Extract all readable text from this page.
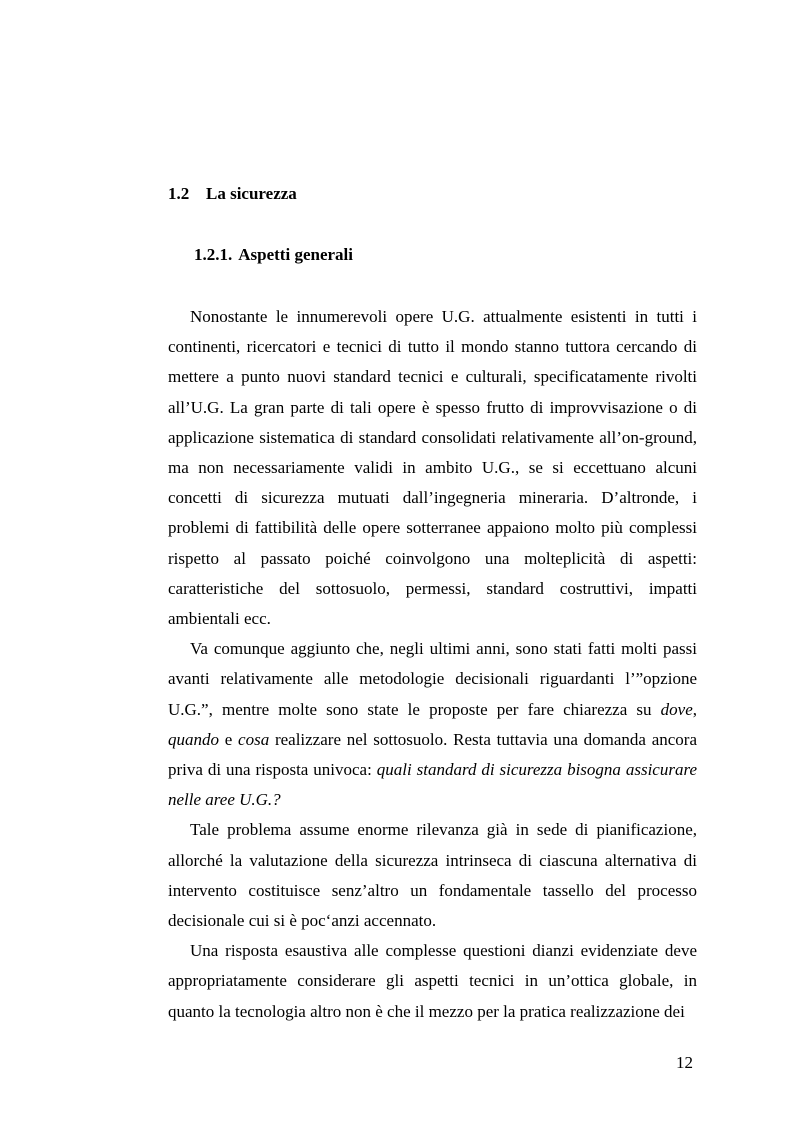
1.2 La sicurezza
1.2.1. Aspetti generali

Nonostante le innumerevoli opere U.G. attualmente esistenti in tutti i continenti, ricercatori e tecnici di tutto il mondo stanno tuttora cercando di mettere a punto nuovi standard tecnici e culturali, specificatamente rivolti all’U.G. La gran parte di tali opere è spesso frutto di improvvisazione o di applicazione sistematica di standard consolidati relativamente all’on-ground, ma non necessariamente validi in ambito U.G., se si eccettuano alcuni concetti di sicurezza mutuati dall’ingegneria mineraria. D’altronde, i problemi di fattibilità delle opere sotterranee appaiono molto più complessi rispetto al passato poiché coinvolgono una molteplicità di aspetti: caratteristiche del sottosuolo, permessi, standard costruttivi, impatti ambientali ecc.

Va comunque aggiunto che, negli ultimi anni, sono stati fatti molti passi avanti relativamente alle metodologie decisionali riguardanti l’”opzione U.G.”, mentre molte sono state le proposte per fare chiarezza su dove, quando e cosa realizzare nel sottosuolo. Resta tuttavia una domanda ancora priva di una risposta univoca: quali standard di sicurezza bisogna assicurare nelle aree U.G.?

Tale problema assume enorme rilevanza già in sede di pianificazione, allorché la valutazione della sicurezza intrinseca di ciascuna alternativa di intervento costituisce senz’altro un fondamentale tassello del processo decisionale cui si è poc‘anzi accennato.

Una risposta esaustiva alle complesse questioni dianzi evidenziate deve appropriatamente considerare gli aspetti tecnici in un’ottica globale, in quanto la tecnologia altro non è che il mezzo per la pratica realizzazione dei

12
